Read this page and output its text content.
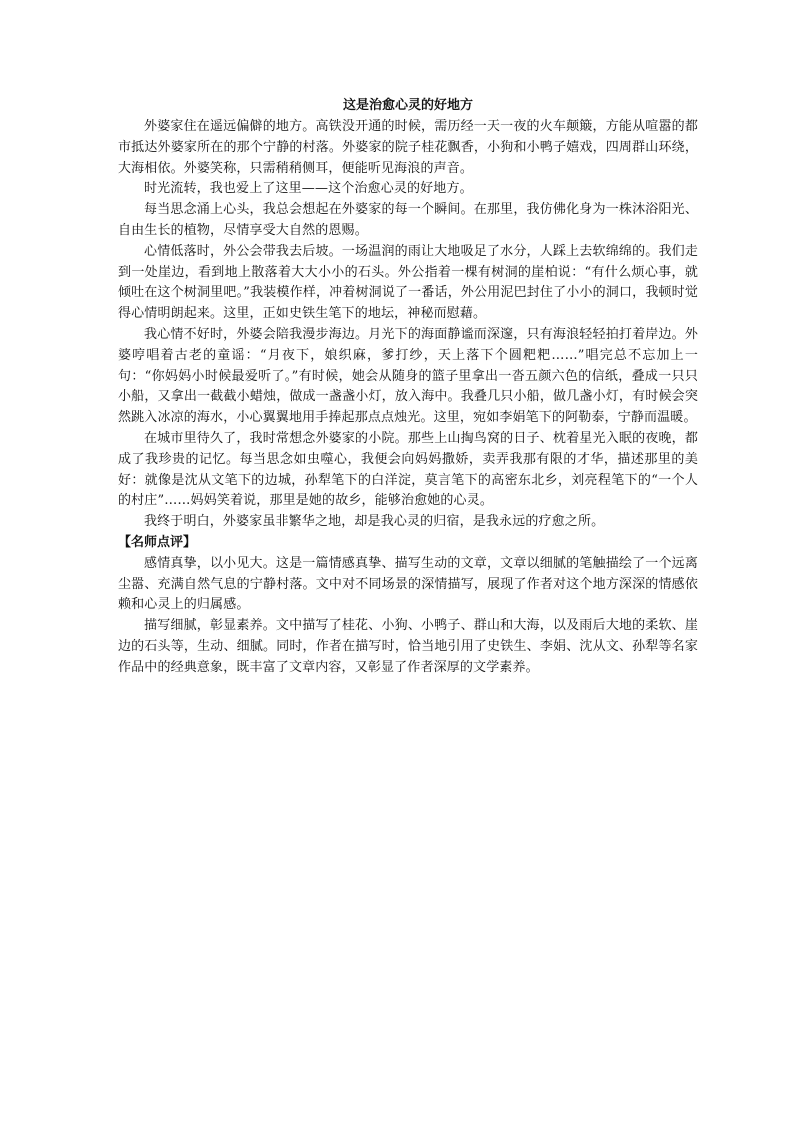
这是治愈心灵的好地方

外婆家住在遥远偏僻的地方。高铁没开通的时候，需历经一天一夜的火车颠簸，方能从喧嚣的都市抵达外婆家所在的那个宁静的村落。外婆家的院子桂花飘香，小狗和小鸭子嬉戏，四周群山环绕，大海相依。外婆笑称，只需稍稍侧耳，便能听见海浪的声音。

时光流转，我也爱上了这里——这个治愈心灵的好地方。

每当思念涌上心头，我总会想起在外婆家的每一个瞬间。在那里，我仿佛化身为一株沐浴阳光、自由生长的植物，尽情享受大自然的恩赐。

心情低落时，外公会带我去后坡。一场温润的雨让大地吸足了水分，人踩上去软绵绵的。我们走到一处崖边，看到地上散落着大大小小的石头。外公指着一棵有树洞的崖柏说：“有什么烦心事，就倾吐在这个树洞里吧。”我装模作样，冲着树洞说了一番话，外公用泥巴封住了小小的洞口，我顿时觉得心情明朗起来。这里，正如史铁生笔下的地坛，神秘而慰藉。

我心情不好时，外婆会陪我漫步海边。月光下的海面静谧而深邃，只有海浪轻轻拍打着岸边。外婆哼唱着古老的童谣：“月夜下，娘织麻，爹打纱，天上落下个圆粑粑……”唱完总不忘加上一句：“你妈妈小时候最爱听了。”有时候，她会从随身的篮子里拿出一沓五颜六色的信纸，叠成一只只小船，又拿出一截截小蜡烛，做成一盏盏小灯，放入海中。我叠几只小船，做几盏小灯，有时候会突然跳入冰凉的海水，小心翼翼地用手捧起那点点烛光。这里，宛如李娟笔下的阿勒泰，宁静而温暖。

在城市里待久了，我时常想念外婆家的小院。那些上山掏鸟窝的日子、枕着星光入眠的夜晚，都成了我珍贵的记忆。每当思念如虫噬心，我便会向妈妈撒娇，卖弄我那有限的才华，描述那里的美好：就像是沈从文笔下的边城，孙犁笔下的白洋淀，莫言笔下的高密东北乡，刘亮程笔下的“一个人的村庄”……妈妈笑着说，那里是她的故乡，能够治愈她的心灵。

我终于明白，外婆家虽非繁华之地，却是我心灵的归宿，是我永远的疗愈之所。

【名师点评】

感情真挚，以小见大。这是一篇情感真挚、描写生动的文章，文章以细腻的笔触描绘了一个远离尘嚣、充满自然气息的宁静村落。文中对不同场景的深情描写，展现了作者对这个地方深深的情感依赖和心灵上的归属感。

描写细腻，彰显素养。文中描写了桂花、小狗、小鸭子、群山和大海，以及雨后大地的柔软、崖边的石头等，生动、细腻。同时，作者在描写时，恰当地引用了史铁生、李娟、沈从文、孙犁等名家作品中的经典意象，既丰富了文章内容，又彰显了作者深厚的文学素养。
